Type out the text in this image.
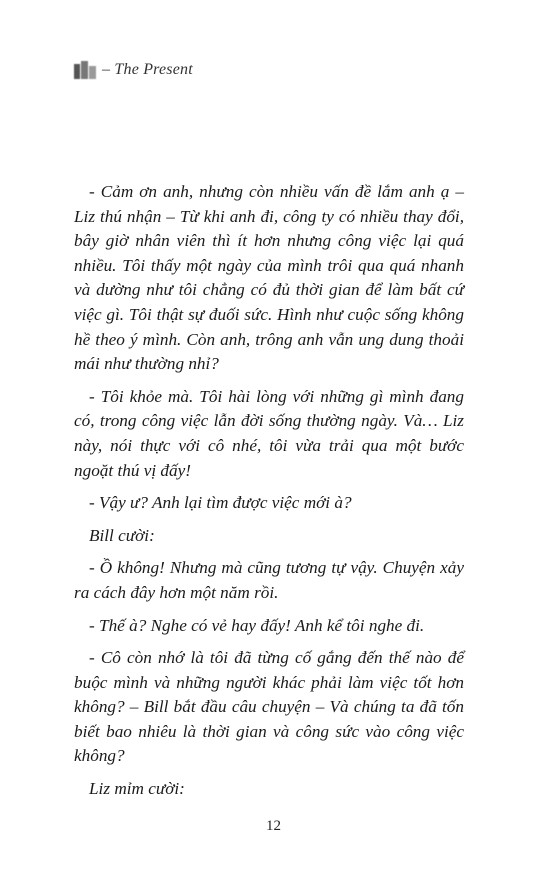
– The Present

- Cảm ơn anh, nhưng còn nhiều vấn đề lắm anh ạ – Liz thú nhận – Từ khi anh đi, công ty có nhiều thay đổi, bây giờ nhân viên thì ít hơn nhưng công việc lại quá nhiều. Tôi thấy một ngày của mình trôi qua quá nhanh và dường như tôi chẳng có đủ thời gian để làm bất cứ việc gì. Tôi thật sự đuối sức. Hình như cuộc sống không hề theo ý mình. Còn anh, trông anh vẫn ung dung thoải mái như thường nhỉ?

- Tôi khỏe mà. Tôi hài lòng với những gì mình đang có, trong công việc lẫn đời sống thường ngày. Và… Liz này, nói thực với cô nhé, tôi vừa trải qua một bước ngoặt thú vị đấy!

- Vậy ư? Anh lại tìm được việc mới à?

Bill cười:

- Ồ không! Nhưng mà cũng tương tự vậy. Chuyện xảy ra cách đây hơn một năm rồi.

- Thế à? Nghe có vẻ hay đấy! Anh kể tôi nghe đi.

- Cô còn nhớ là tôi đã từng cố gắng đến thế nào để buộc mình và những người khác phải làm việc tốt hơn không? – Bill bắt đầu câu chuyện – Và chúng ta đã tốn biết bao nhiêu là thời gian và công sức vào công việc không?

Liz mỉm cười:

12
